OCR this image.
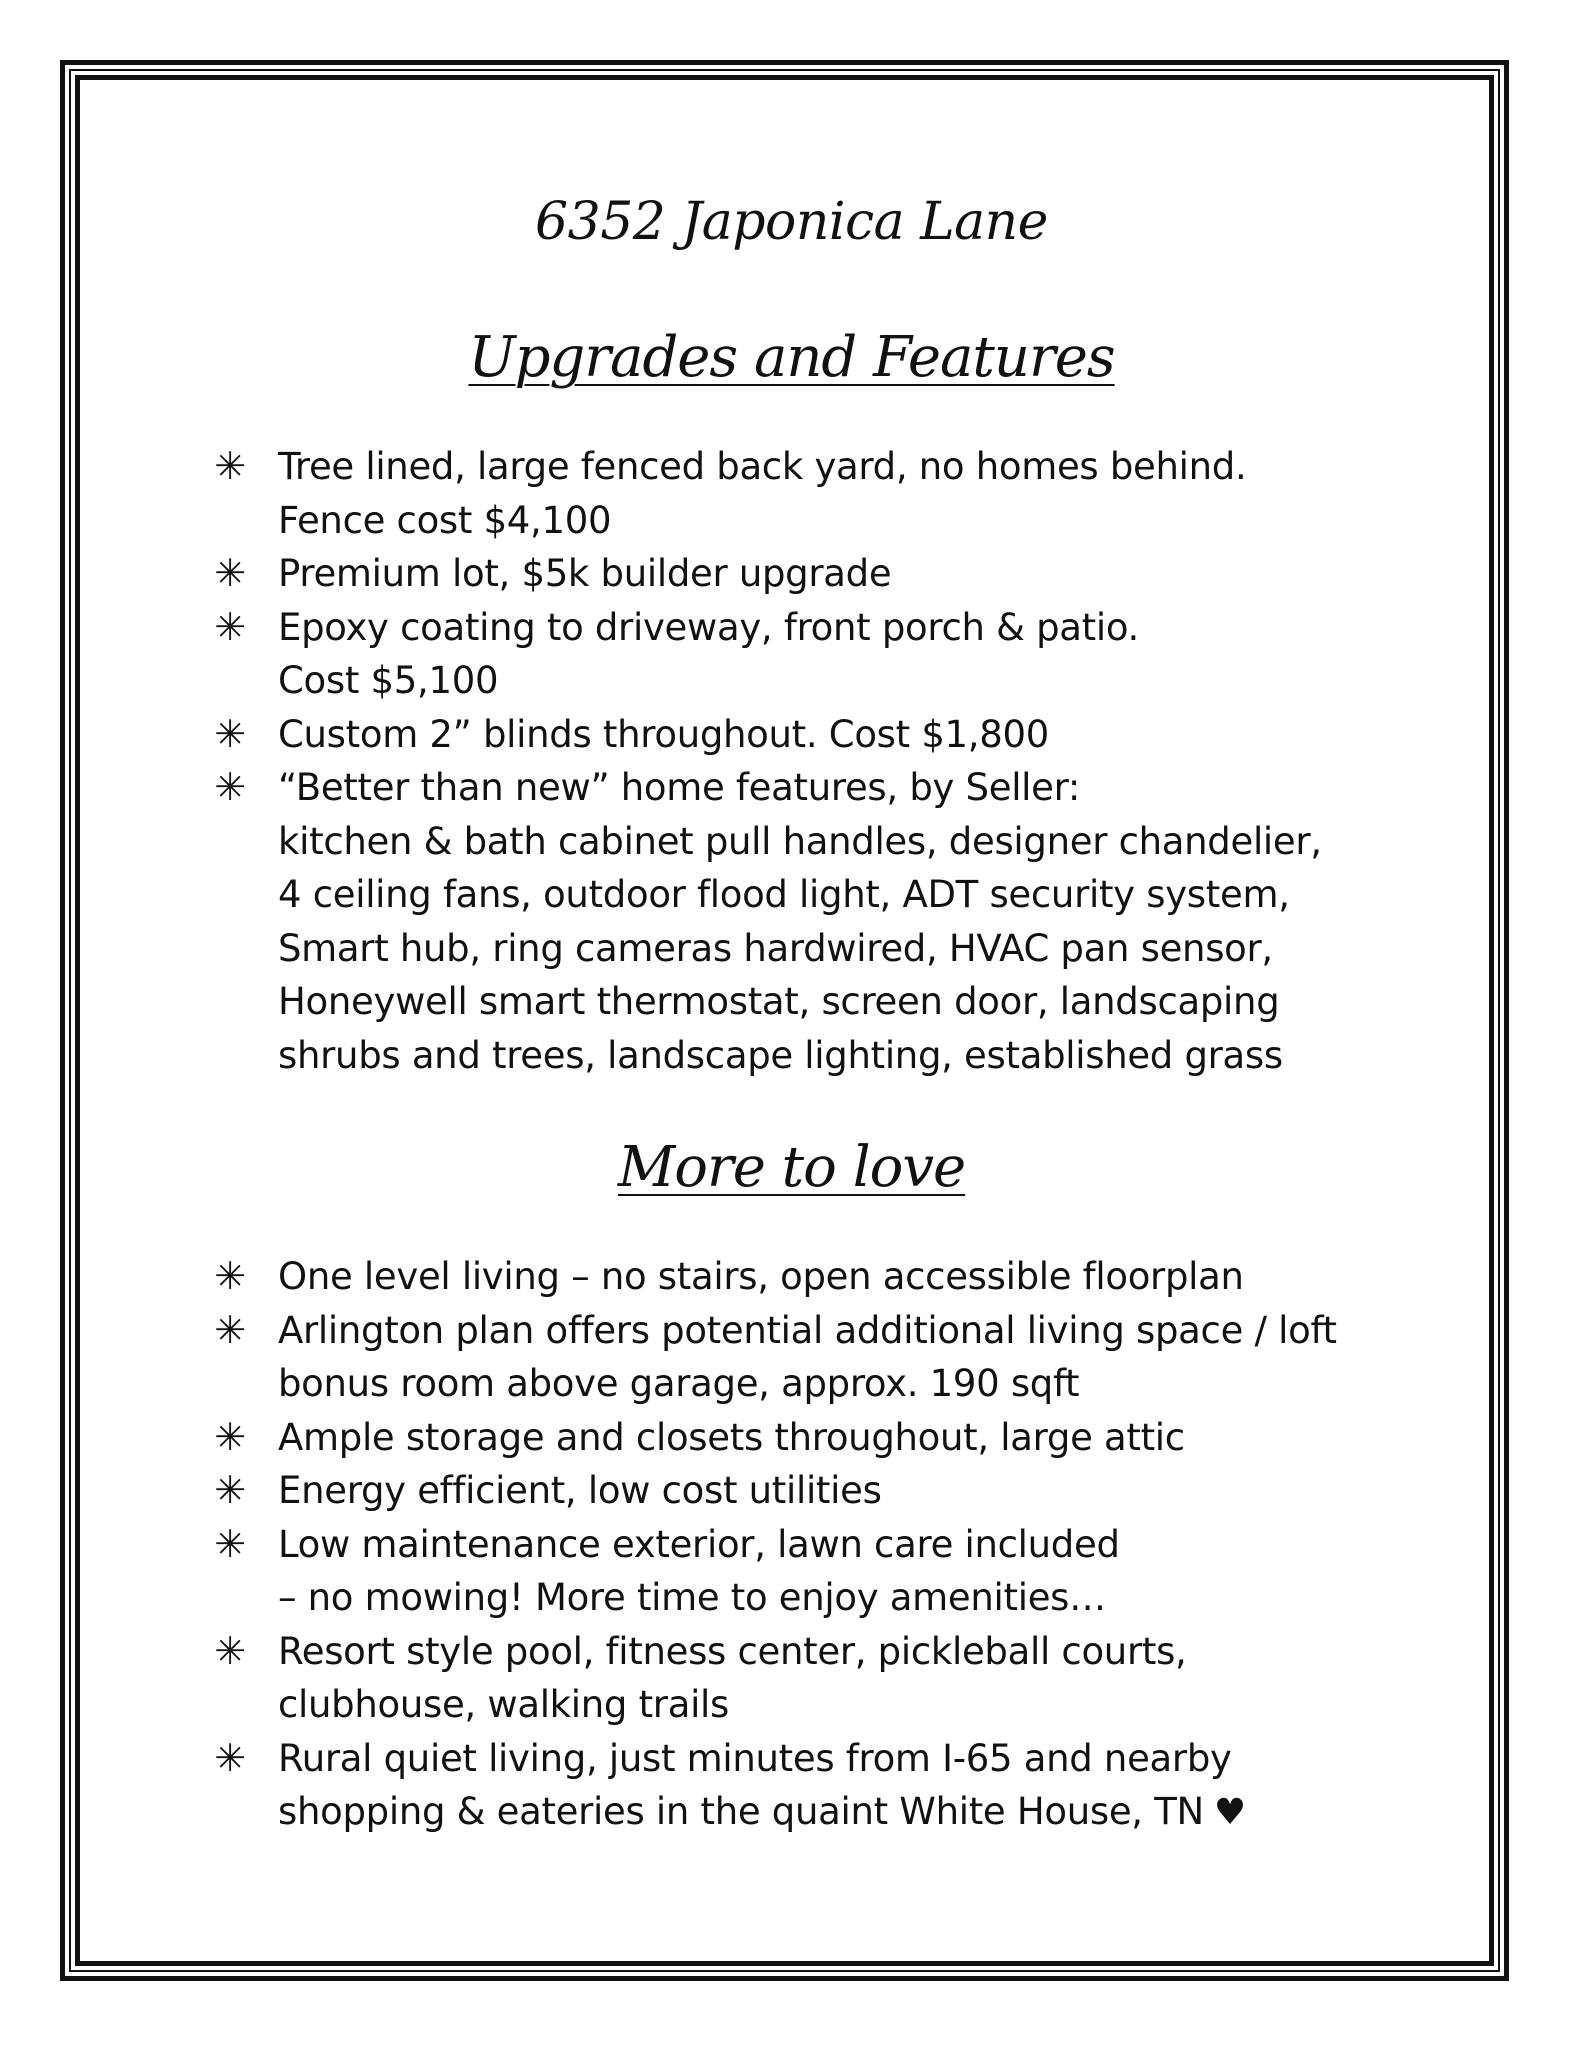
6352 Japonica Lane
Upgrades and Features
✳ Tree lined, large fenced back yard, no homes behind.
Fence cost $4,100
✳ Premium lot, $5k builder upgrade
✳ Epoxy coating to driveway, front porch & patio.
Cost $5,100
✳ Custom 2” blinds throughout. Cost $1,800
✳ “Better than new” home features, by Seller:
kitchen & bath cabinet pull handles, designer chandelier,
4 ceiling fans, outdoor flood light, ADT security system,
Smart hub, ring cameras hardwired, HVAC pan sensor,
Honeywell smart thermostat, screen door, landscaping
shrubs and trees, landscape lighting, established grass
More to love
✳ One level living – no stairs, open accessible floorplan
✳ Arlington plan offers potential additional living space / loft
bonus room above garage, approx. 190 sqft
✳ Ample storage and closets throughout, large attic
✳ Energy efficient, low cost utilities
✳ Low maintenance exterior, lawn care included
– no mowing! More time to enjoy amenities…
✳ Resort style pool, fitness center, pickleball courts,
clubhouse, walking trails
✳ Rural quiet living, just minutes from I-65 and nearby
shopping & eateries in the quaint White House, TN ♥
